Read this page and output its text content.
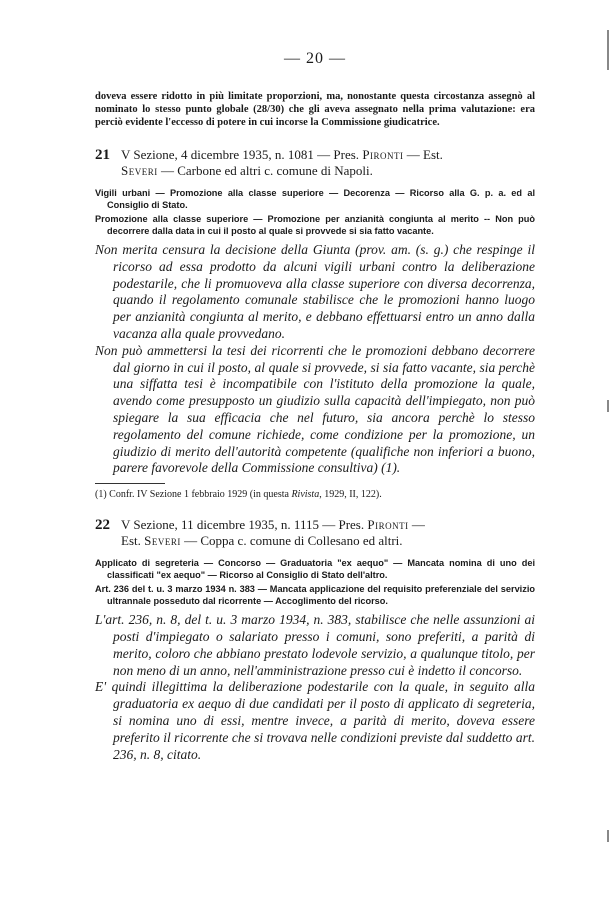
— 20 —
doveva essere ridotto in più limitate proporzioni, ma, nonostante questa circostanza assegnò al nominato lo stesso punto globale (28/30) che gli aveva assegnato nella prima valutazione: era perciò evidente l'eccesso di potere in cui incorse la Commissione giudicatrice.
21 V Sezione, 4 dicembre 1935, n. 1081 — Pres. Pironti — Est.
Severi — Carbone ed altri c. comune di Napoli.

Vigili urbani — Promozione alla classe superiore — Decorenza — Ricorso alla G. p. a. ed al Consiglio di Stato.

Promozione alla classe superiore — Promozione per anzianità congiunta al merito -- Non può decorrere dalla data in cui il posto al quale si provvede si sia fatto vacante.

Non merita censura la decisione della Giunta (prov. am. (s. g.) che respinge il ricorso ad essa prodotto da alcuni vigili urbani contro la deliberazione podestarile, che li promuoveva alla classe superiore con diversa decorrenza, quando il regolamento comunale stabilisce che le promozioni hanno luogo per anzianità congiunta al merito, e debbano effettuarsi entro un anno dalla vacanza alla quale provvedano.

Non può ammettersi la tesi dei ricorrenti che le promozioni debbano decorrere dal giorno in cui il posto, al quale si provvede, si sia fatto vacante, sia perchè una siffatta tesi è incompatibile con l'istituto della promozione la quale, avendo come presupposto un giudizio sulla capacità dell'impiegato, non può spiegare la sua efficacia che nel futuro, sia ancora perchè lo stesso regolamento del comune richiede, come condizione per la promozione, un giudizio di merito dell'autorità competente (qualifiche non inferiori a buono, parere favorevole della Commissione consultiva) (1).

(1) Confr. IV Sezione 1 febbraio 1929 (in questa Rivista, 1929, II, 122).
22 V Sezione, 11 dicembre 1935, n. 1115 — Pres. Pironti —
Est. Severi — Coppa c. comune di Collesano ed altri.

Applicato di segreteria — Concorso — Graduatoria "ex aequo" — Mancata nomina di uno dei classificati "ex aequo" — Ricorso al Consiglio di Stato dell'altro.

Art. 236 del t. u. 3 marzo 1934 n. 383 — Mancata applicazione del requisito preferenziale del servizio ultrannale posseduto dal ricorrente — Accoglimento del ricorso.

L'art. 236, n. 8, del t. u. 3 marzo 1934, n. 383, stabilisce che nelle assunzioni ai posti d'impiegato o salariato presso i comuni, sono preferiti, a parità di merito, coloro che abbiano prestato lodevole servizio, a qualunque titolo, per non meno di un anno, nell'amministrazione presso cui è indetto il concorso.

E' quindi illegittima la deliberazione podestarile con la quale, in seguito alla graduatoria ex aequo di due candidati per il posto di applicato di segreteria, si nomina uno di essi, mentre invece, a parità di merito, doveva essere preferito il ricorrente che si trovava nelle condizioni previste dal suddetto art. 236, n. 8, citato.
